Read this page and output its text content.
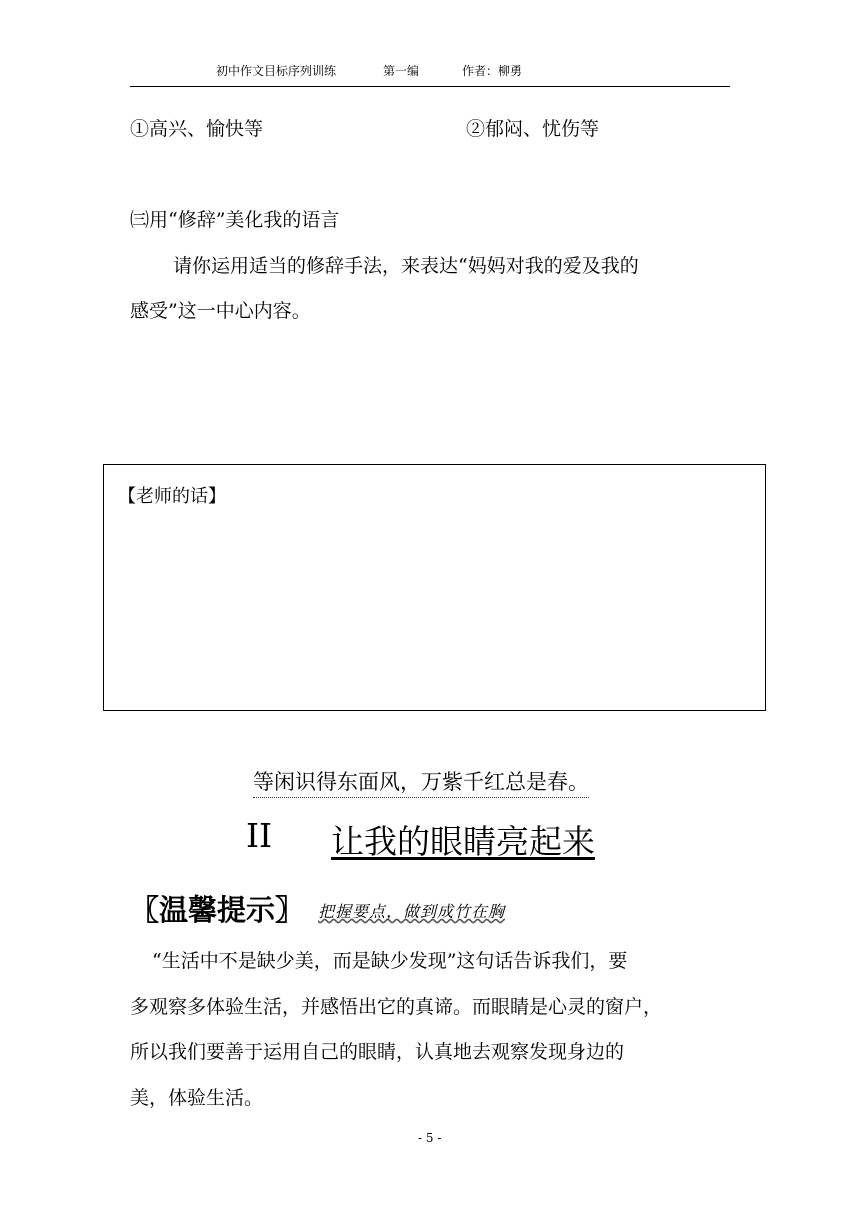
初中作文目标序列训练	第一编	作者：柳勇
①高兴、愉快等	②郁闷、忧伤等
㈢用“修辞”美化我的语言
请你运用适当的修辞手法，来表达“妈妈对我的爱及我的
感受”这一中心内容。
【老师的话】
等闲识得东面风，万紫千红总是春。
II 让我的眼睛亮起来
〖温馨提示〗 把握要点，做到成竹在胸
“生活中不是缺少美，而是缺少发现”这句话告诉我们，要
多观察多体验生活，并感悟出它的真谛。而眼睛是心灵的窗户，
所以我们要善于运用自己的眼睛，认真地去观察发现身边的
美，体验生活。
- 5 -
